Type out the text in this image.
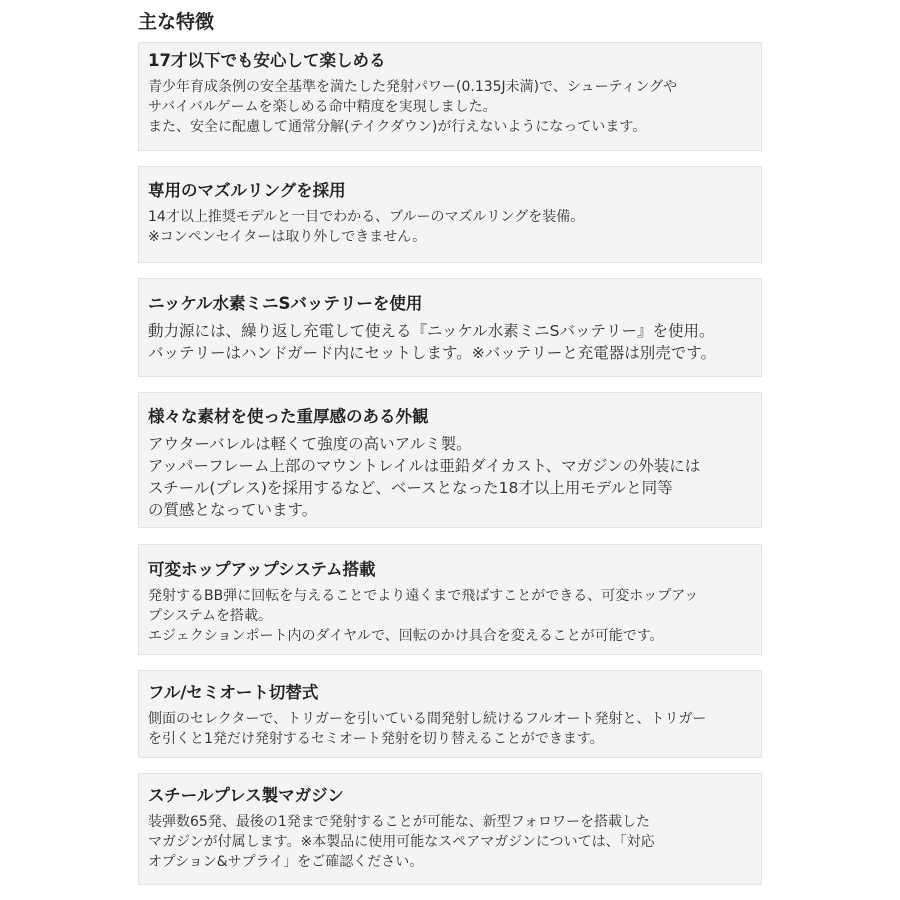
主な特徴
17才以下でも安心して楽しめる
青少年育成条例の安全基準を満たした発射パワー(0.135J未満)で、シューティングや
サバイバルゲームを楽しめる命中精度を実現しました。
また、安全に配慮して通常分解(テイクダウン)が行えないようになっています。
専用のマズルリングを採用
14才以上推奨モデルと一目でわかる、ブルーのマズルリングを装備。
※コンペンセイターは取り外しできません。
ニッケル水素ミニSバッテリーを使用
動力源には、繰り返し充電して使える『ニッケル水素ミニSバッテリー』を使用。
バッテリーはハンドガード内にセットします。※バッテリーと充電器は別売です。
様々な素材を使った重厚感のある外観
アウターバレルは軽くて強度の高いアルミ製。
アッパーフレーム上部のマウントレイルは亜鉛ダイカスト、マガジンの外装には
スチール(プレス)を採用するなど、ベースとなった18才以上用モデルと同等
の質感となっています。
可変ホップアップシステム搭載
発射するBB弾に回転を与えることでより遠くまで飛ばすことができる、可変ホップアッ
プシステムを搭載。
エジェクションポート内のダイヤルで、回転のかけ具合を変えることが可能です。
フル/セミオート切替式
側面のセレクターで、トリガーを引いている間発射し続けるフルオート発射と、トリガー
を引くと1発だけ発射するセミオート発射を切り替えることができます。
スチールプレス製マガジン
装弾数65発、最後の1発まで発射することが可能な、新型フォロワーを搭載した
マガジンが付属します。※本製品に使用可能なスペアマガジンについては、「対応
オプション&サプライ」をご確認ください。
